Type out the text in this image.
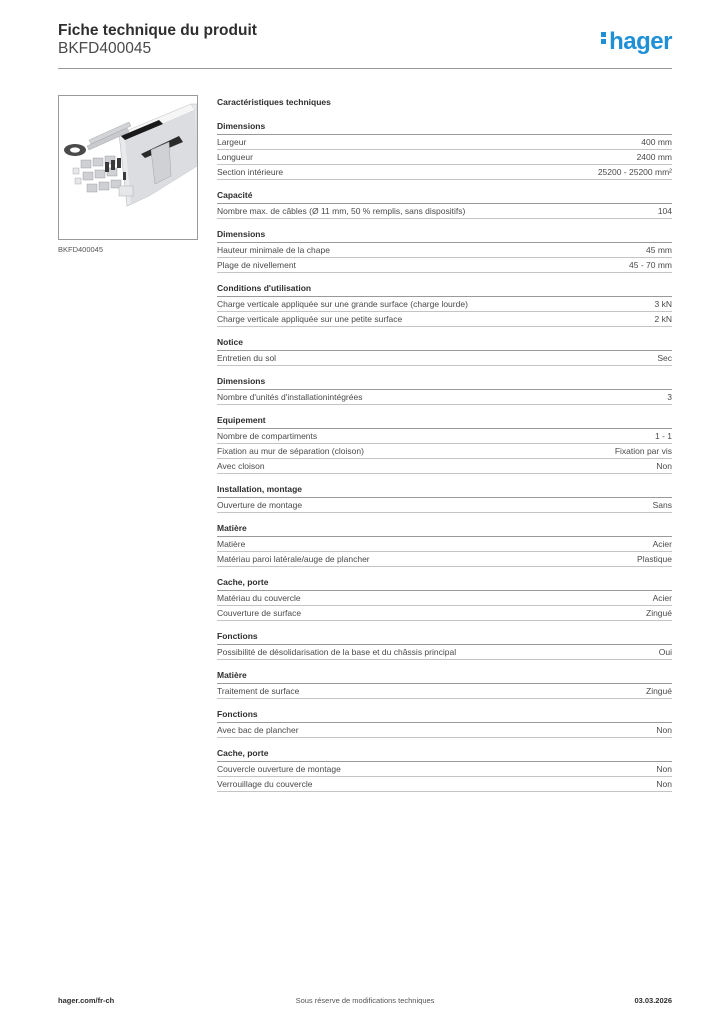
Fiche technique du produit
BKFD400045	hager
BKFD400045
Caractéristiques techniques
Dimensions
Largeur	400 mm
Longueur	2400 mm
Section intérieure	25200 - 25200 mm²
Capacité
Nombre max. de câbles (Ø 11 mm, 50 % remplis, sans dispositifs)	104
Dimensions
Hauteur minimale de la chape	45 mm
Plage de nivellement	45 - 70 mm
Conditions d'utilisation
Charge verticale appliquée sur une grande surface (charge lourde)	3 kN
Charge verticale appliquée sur une petite surface	2 kN
Notice
Entretien du sol	Sec
Dimensions
Nombre d'unités d'installationintégrées	3
Equipement
Nombre de compartiments	1 - 1
Fixation au mur de séparation (cloison)	Fixation par vis
Avec cloison	Non
Installation, montage
Ouverture de montage	Sans
Matière
Matière	Acier
Matériau paroi latérale/auge de plancher	Plastique
Cache, porte
Matériau du couvercle	Acier
Couverture de surface	Zingué
Fonctions
Possibilité de désolidarisation de la base et du châssis principal	Oui
Matière
Traitement de surface	Zingué
Fonctions
Avec bac de plancher	Non
Cache, porte
Couvercle ouverture de montage	Non
Verrouillage du couvercle	Non
hager.com/fr-ch	Sous réserve de modifications techniques	03.03.2026
